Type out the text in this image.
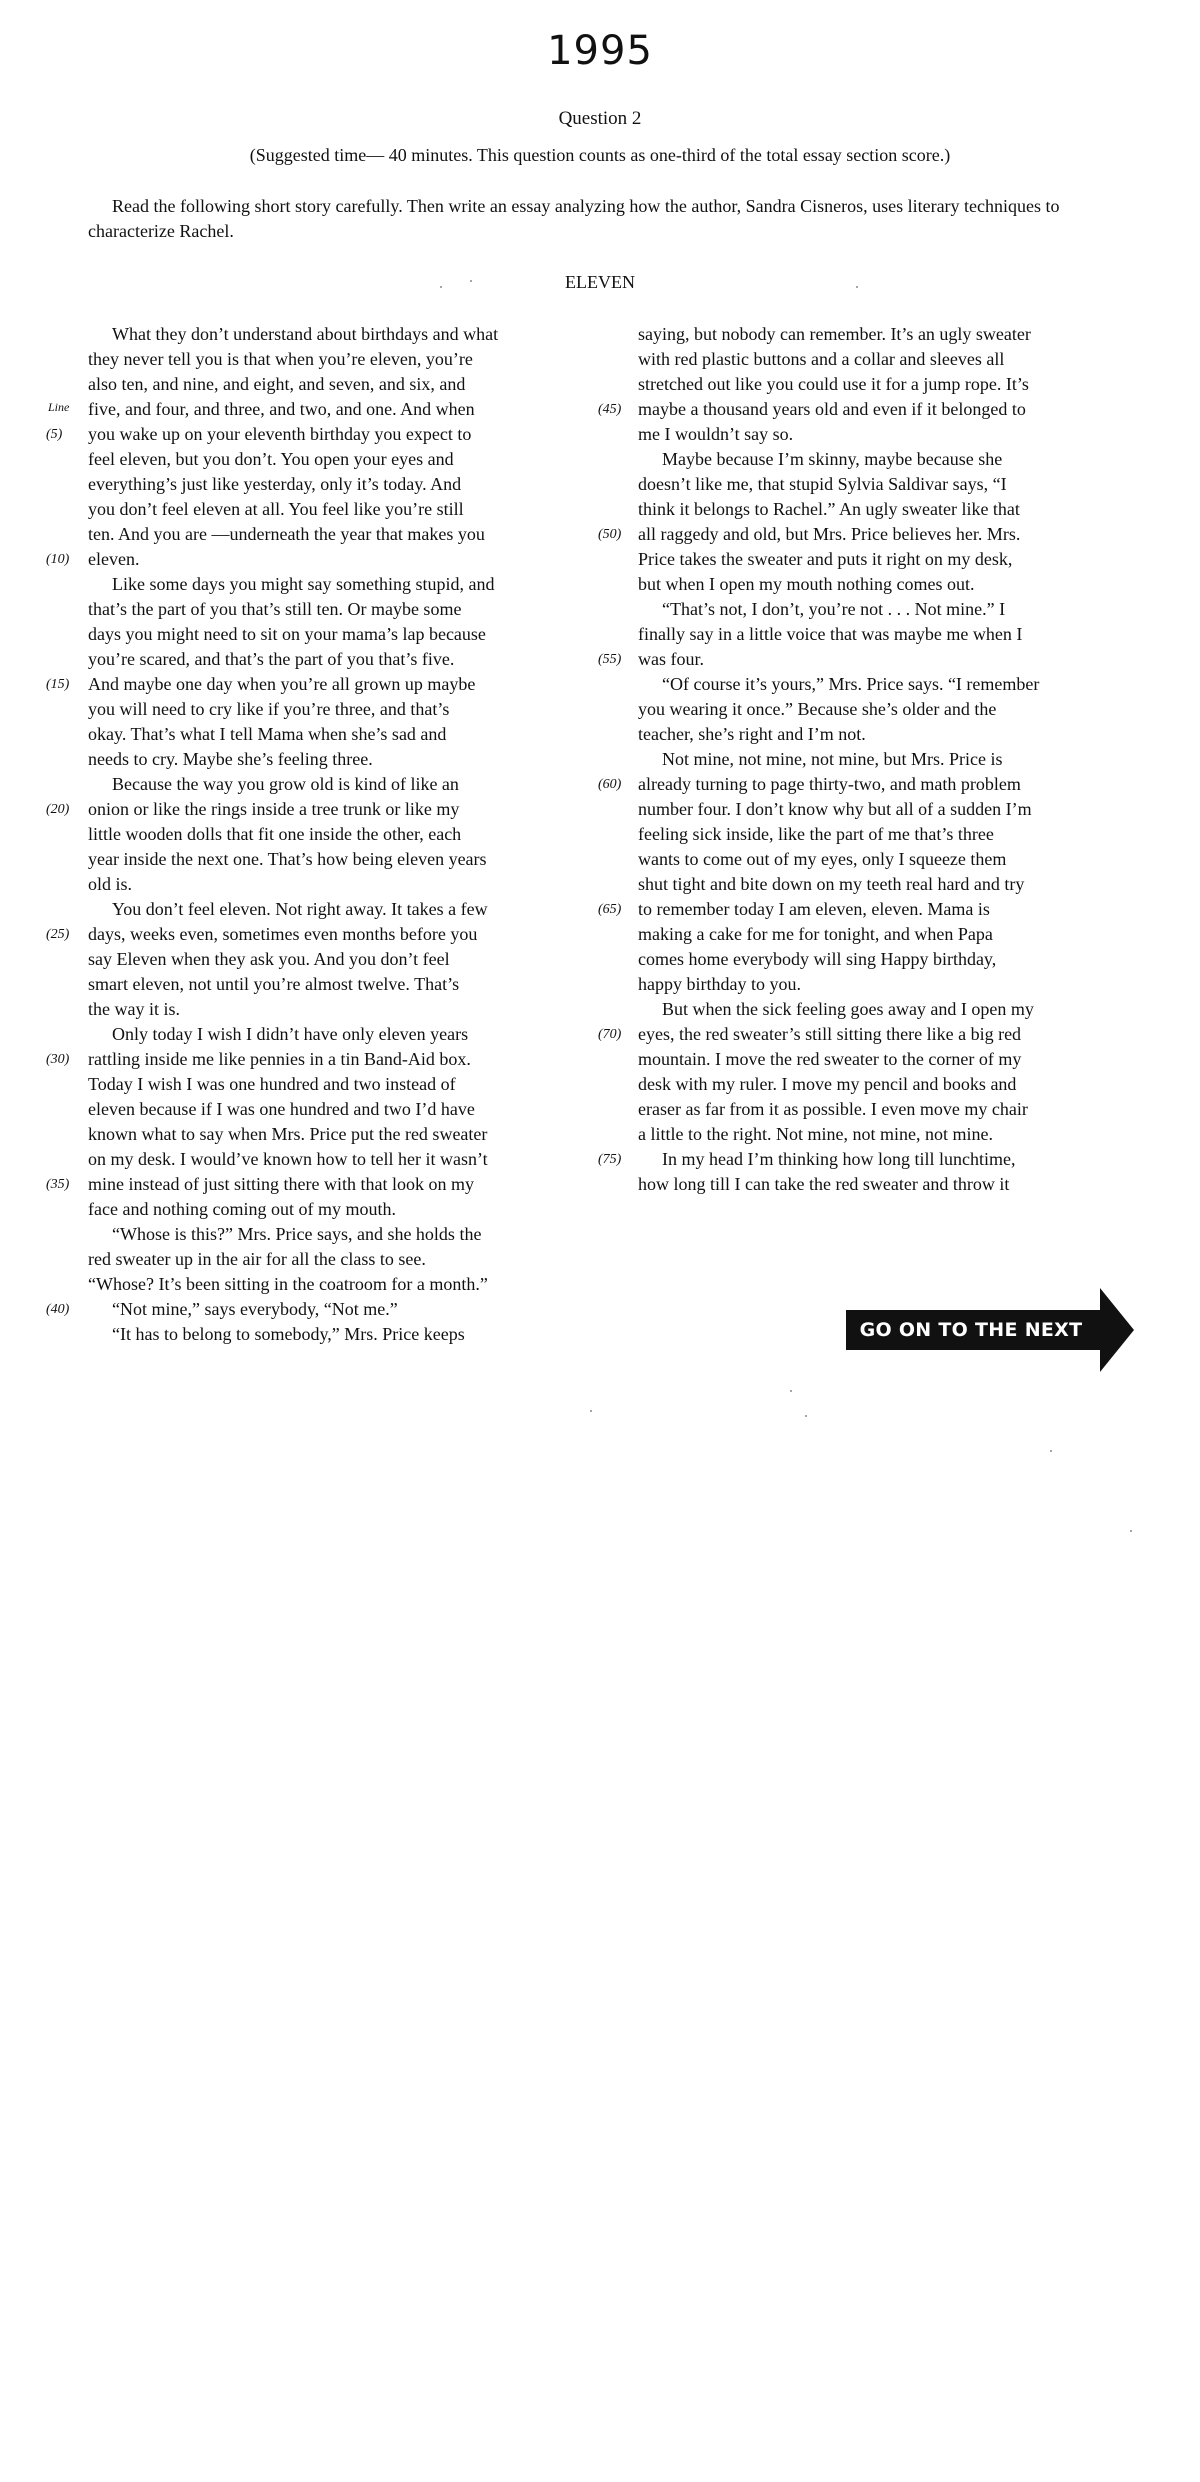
1995
Question 2
(Suggested time— 40 minutes. This question counts as one-third of the total essay section score.)
Read the following short story carefully. Then write an essay analyzing how the author, Sandra Cisneros, uses literary techniques to characterize Rachel.
ELEVEN
Line
What they don’t understand about birthdays and what
they never tell you is that when you’re eleven, you’re
also ten, and nine, and eight, and seven, and six, and
five, and four, and three, and two, and one. And when
(5)	you wake up on your eleventh birthday you expect to
feel eleven, but you don’t. You open your eyes and
everything’s just like yesterday, only it’s today. And
you don’t feel eleven at all. You feel like you’re still
ten. And you are —underneath the year that makes you
(10)	eleven.
Like some days you might say something stupid, and
that’s the part of you that’s still ten. Or maybe some
days you might need to sit on your mama’s lap because
you’re scared, and that’s the part of you that’s five.
(15)	And maybe one day when you’re all grown up maybe
you will need to cry like if you’re three, and that’s
okay. That’s what I tell Mama when she’s sad and
needs to cry. Maybe she’s feeling three.
Because the way you grow old is kind of like an
(20)	onion or like the rings inside a tree trunk or like my
little wooden dolls that fit one inside the other, each
year inside the next one. That’s how being eleven years
old is.
You don’t feel eleven. Not right away. It takes a few
(25)	days, weeks even, sometimes even months before you
say Eleven when they ask you. And you don’t feel
smart eleven, not until you’re almost twelve. That’s
the way it is.
Only today I wish I didn’t have only eleven years
(30)	rattling inside me like pennies in a tin Band-Aid box.
Today I wish I was one hundred and two instead of
eleven because if I was one hundred and two I’d have
known what to say when Mrs. Price put the red sweater
on my desk. I would’ve known how to tell her it wasn’t
(35)	mine instead of just sitting there with that look on my
face and nothing coming out of my mouth.
“Whose is this?” Mrs. Price says, and she holds the
red sweater up in the air for all the class to see.
“Whose? It’s been sitting in the coatroom for a month.”
(40)	“Not mine,” says everybody, “Not me.”
“It has to belong to somebody,” Mrs. Price keeps
saying, but nobody can remember. It’s an ugly sweater
with red plastic buttons and a collar and sleeves all
stretched out like you could use it for a jump rope. It’s
(45) maybe a thousand years old and even if it belonged to
me I wouldn’t say so.
Maybe because I’m skinny, maybe because she
doesn’t like me, that stupid Sylvia Saldivar says, “I
think it belongs to Rachel.” An ugly sweater like that
(50) all raggedy and old, but Mrs. Price believes her. Mrs.
Price takes the sweater and puts it right on my desk,
but when I open my mouth nothing comes out.
“That’s not, I don’t, you’re not . . . Not mine.” I
finally say in a little voice that was maybe me when I
(55) was four.
“Of course it’s yours,” Mrs. Price says. “I remember
you wearing it once.” Because she’s older and the
teacher, she’s right and I’m not.
Not mine, not mine, not mine, but Mrs. Price is
(60) already turning to page thirty-two, and math problem
number four. I don’t know why but all of a sudden I’m
feeling sick inside, like the part of me that’s three
wants to come out of my eyes, only I squeeze them
shut tight and bite down on my teeth real hard and try
(65) to remember today I am eleven, eleven. Mama is
making a cake for me for tonight, and when Papa
comes home everybody will sing Happy birthday,
happy birthday to you.
But when the sick feeling goes away and I open my
(70) eyes, the red sweater’s still sitting there like a big red
mountain. I move the red sweater to the corner of my
desk with my ruler. I move my pencil and books and
eraser as far from it as possible. I even move my chair
a little to the right. Not mine, not mine, not mine.
(75)	In my head I’m thinking how long till lunchtime,
how long till I can take the red sweater and throw it
GO ON TO THE NEXT PAGE
